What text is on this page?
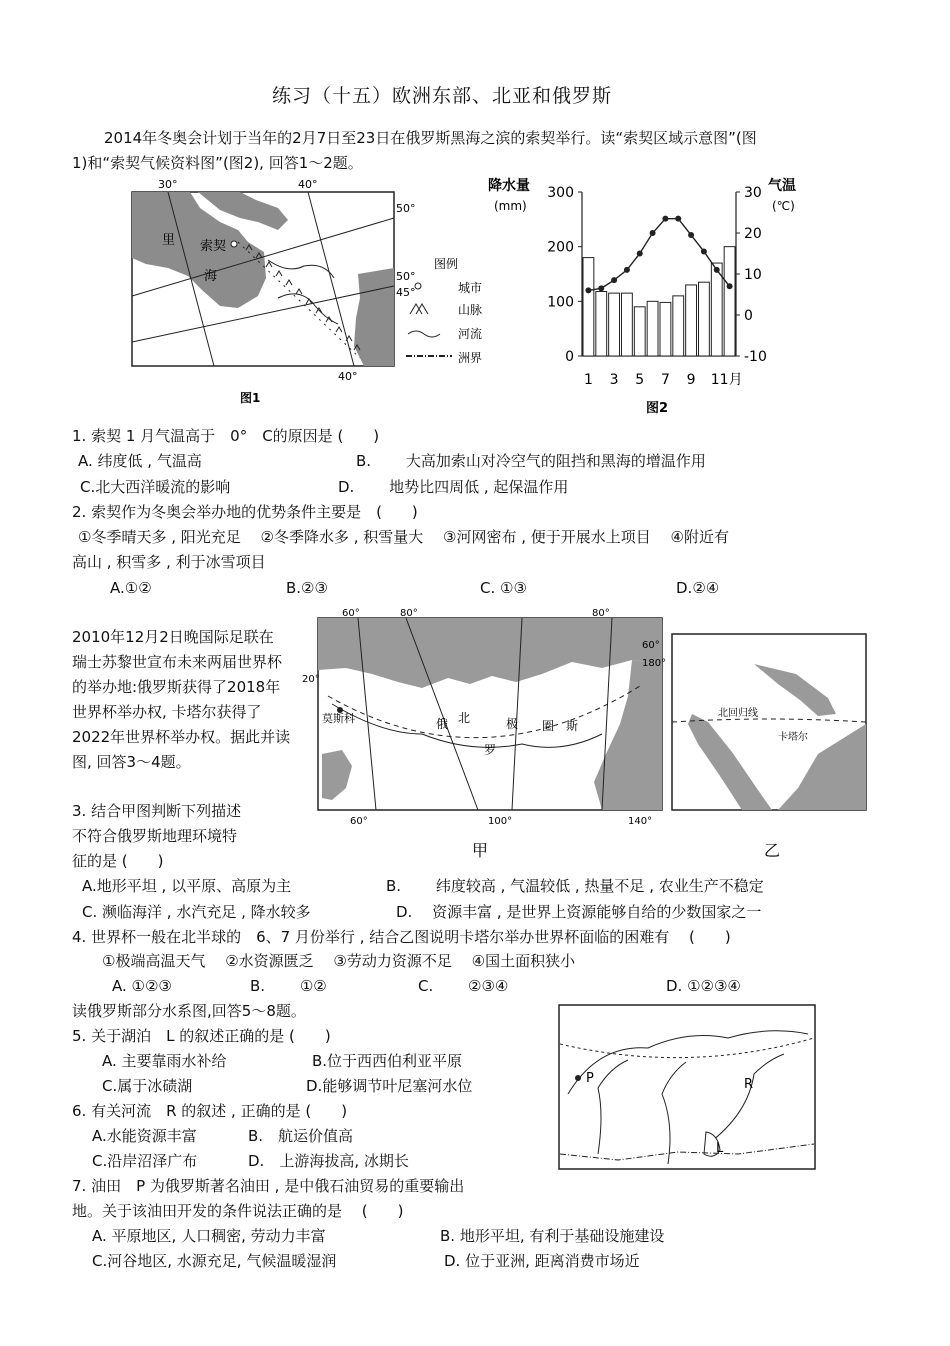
练习（十五）欧洲东部、北亚和俄罗斯
2014年冬奥会计划于当年的2月7日至23日在俄罗斯黑海之滨的索契举行。读“索契区域示意图”(图
1)和“索契气候资料图”(图2), 回答1～2题。
30°	40°
40°
50°
50°
45°
里
海
索契
图例
城市
山脉
河流
洲界
图1
降水量
(mm)
气温
(℃)
图2
0
100
200
300
-10
0
10
20
30
1 3 5 7 9 11月
1. 索契 1 月气温高于　0°　C的原因是 (　　)
A. 纬度低 , 气温高	B.　　 大高加索山对冷空气的阻挡和黑海的增温作用
C.北大西洋暖流的影响	D.　　 地势比四周低 , 起保温作用
2. 索契作为冬奥会举办地的优势条件主要是　(　　)
①冬季晴天多 , 阳光充足　 ②冬季降水多 , 积雪量大　 ③河网密布 , 便于开展水上项目　 ④附近有
高山 , 积雪多 , 利于冰雪项目
A.①②	B.②③	C. ①③	D.②④
2010年12月2日晚国际足联在
瑞士苏黎世宣布未来两届世界杯
的举办地:俄罗斯获得了2018年
世界杯举办权, 卡塔尔获得了
2022年世界杯举办权。据此并读
图, 回答3～4题。
60°	80°	80°
60°	100°	140°
60°
180°
20°
莫斯科	俄
罗
斯
北	极 圈
甲
北回归线
卡塔尔
乙
3. 结合甲图判断下列描述
不符合俄罗斯地理环境特
征的是 (　　)
A.地形平坦 , 以平原、高原为主	B.　　 纬度较高 , 气温较低 , 热量不足 , 农业生产不稳定
C. 濒临海洋 , 水汽充足 , 降水较多	D.　 资源丰富 , 是世界上资源能够自给的少数国家之一
4. 世界杯一般在北半球的　6、7 月份举行 , 结合乙图说明卡塔尔举办世界杯面临的困难有　 (　　)
①极端高温天气　 ②水资源匮乏　 ③劳动力资源不足　 ④国土面积狭小
A. ①②③	B.　　 ①②	C.　　 ②③④	D. ①②③④
读俄罗斯部分水系图,回答5～8题。
P	R
L
5. 关于湖泊　L 的叙述正确的是 (　　)
A. 主要靠雨水补给	B.位于西西伯利亚平原
C.属于冰碛湖	D.能够调节叶尼塞河水位
6. 有关河流　R 的叙述 , 正确的是 (　　)
A.水能资源丰富	B.　航运价值高
C.沿岸沼泽广布	D.　上游海拔高, 冰期长
7. 油田　P 为俄罗斯著名油田 , 是中俄石油贸易的重要输出
地。关于该油田开发的条件说法正确的是　 (　　)
A. 平原地区, 人口稠密, 劳动力丰富	B. 地形平坦, 有利于基础设施建设
C.河谷地区, 水源充足, 气候温暖湿润	D. 位于亚洲, 距离消费市场近
